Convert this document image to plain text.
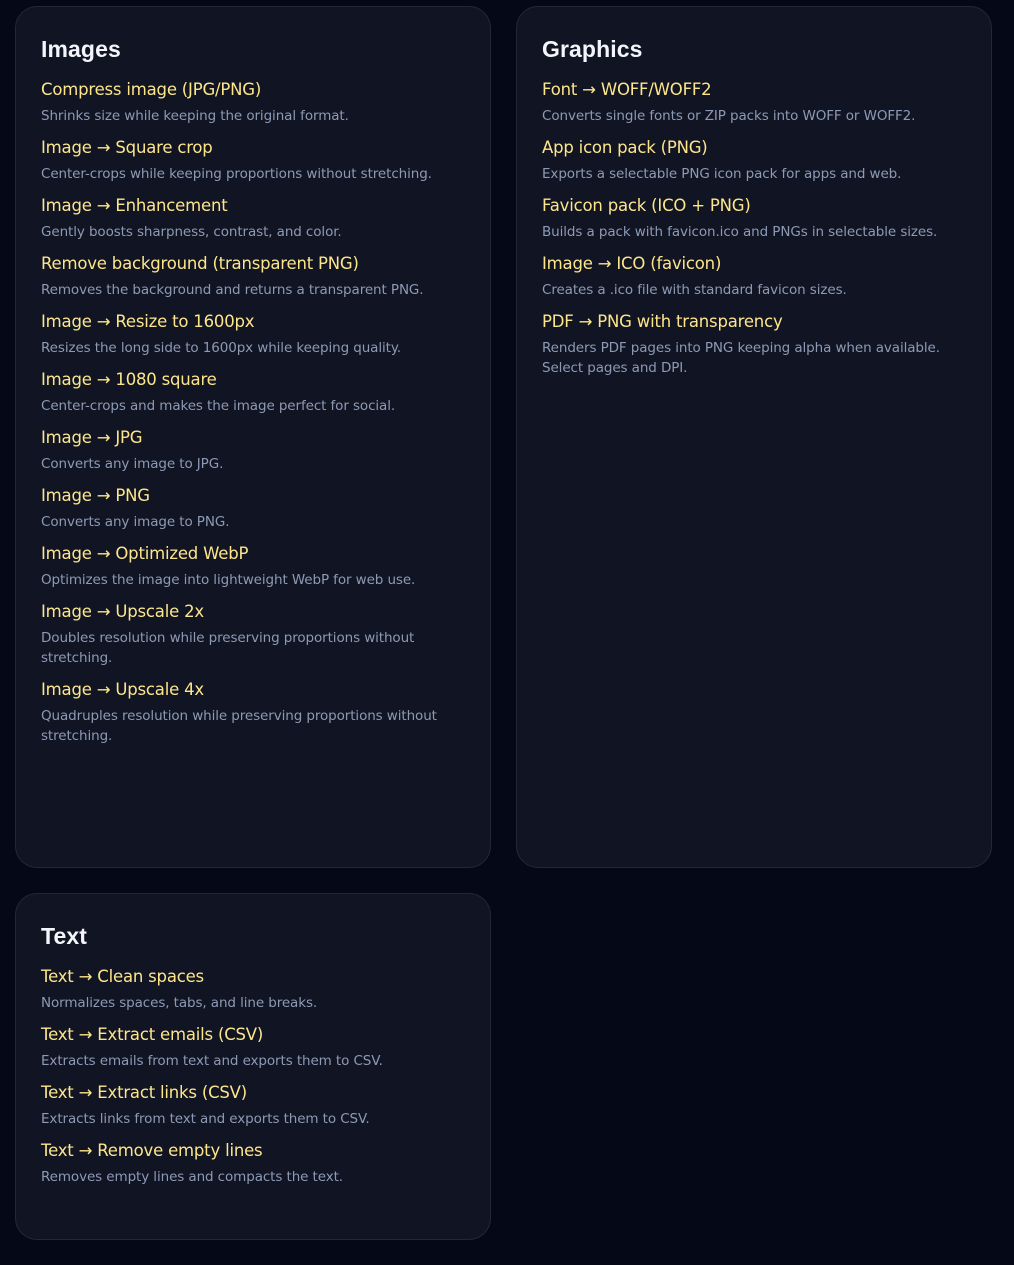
Images
Compress image (JPG/PNG)
Shrinks size while keeping the original format.
Image → Square crop
Center-crops while keeping proportions without stretching.
Image → Enhancement
Gently boosts sharpness, contrast, and color.
Remove background (transparent PNG)
Removes the background and returns a transparent PNG.
Image → Resize to 1600px
Resizes the long side to 1600px while keeping quality.
Image → 1080 square
Center-crops and makes the image perfect for social.
Image → JPG
Converts any image to JPG.
Image → PNG
Converts any image to PNG.
Image → Optimized WebP
Optimizes the image into lightweight WebP for web use.
Image → Upscale 2x
Doubles resolution while preserving proportions without stretching.
Image → Upscale 4x
Quadruples resolution while preserving proportions without stretching.
Graphics
Font → WOFF/WOFF2
Converts single fonts or ZIP packs into WOFF or WOFF2.
App icon pack (PNG)
Exports a selectable PNG icon pack for apps and web.
Favicon pack (ICO + PNG)
Builds a pack with favicon.ico and PNGs in selectable sizes.
Image → ICO (favicon)
Creates a .ico file with standard favicon sizes.
PDF → PNG with transparency
Renders PDF pages into PNG keeping alpha when available. Select pages and DPI.
Text
Text → Clean spaces
Normalizes spaces, tabs, and line breaks.
Text → Extract emails (CSV)
Extracts emails from text and exports them to CSV.
Text → Extract links (CSV)
Extracts links from text and exports them to CSV.
Text → Remove empty lines
Removes empty lines and compacts the text.
